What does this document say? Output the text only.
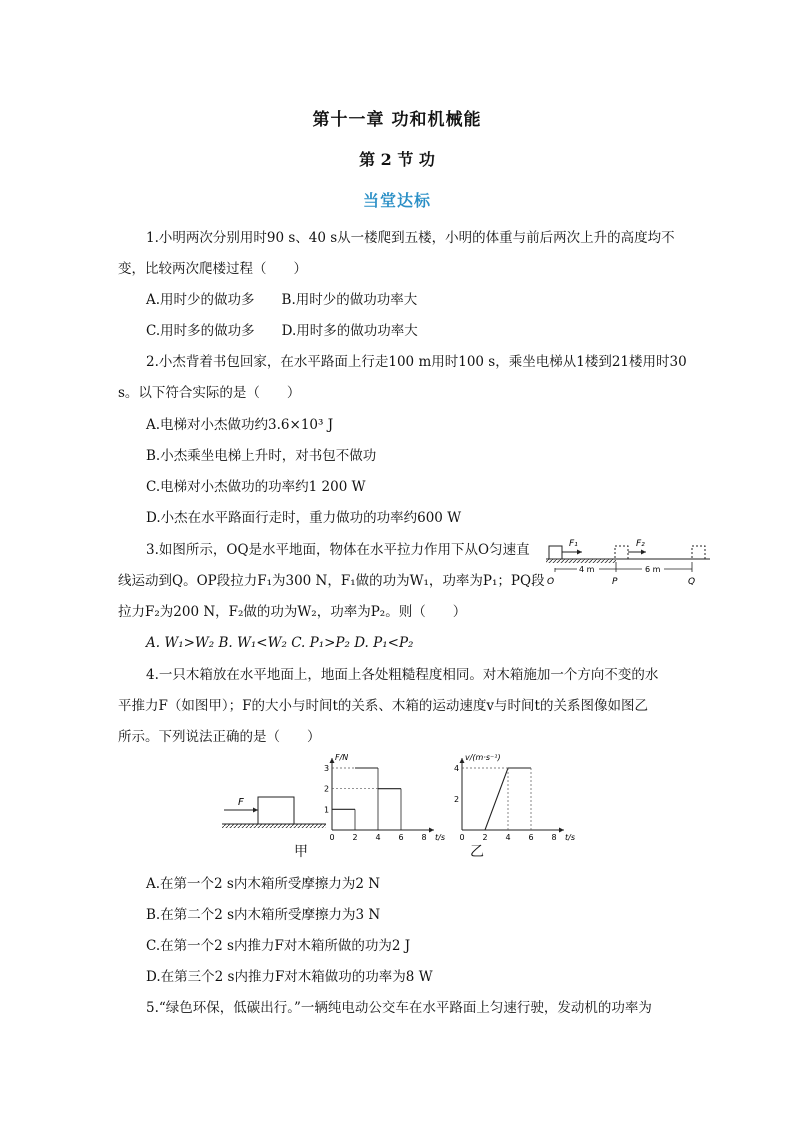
第十一章 功和机械能
第 2 节 功
当堂达标
1.小明两次分别用时90 s、40 s从一楼爬到五楼，小明的体重与前后两次上升的高度均不
变，比较两次爬楼过程（　　）
A.用时少的做功多　　B.用时少的做功功率大
C.用时多的做功多　　D.用时多的做功功率大
2.小杰背着书包回家，在水平路面上行走100 m用时100 s，乘坐电梯从1楼到21楼用时30
s。以下符合实际的是（　　）
A.电梯对小杰做功约3.6×10³ J
B.小杰乘坐电梯上升时，对书包不做功
C.电梯对小杰做功的功率约1 200 W
D.小杰在水平路面行走时，重力做功的功率约600 W
3.如图所示，OQ是水平地面，物体在水平拉力作用下从O匀速直
线运动到Q。OP段拉力F₁为300 N，F₁做的功为W₁，功率为P₁；PQ段
拉力F₂为200 N，F₂做的功为W₂，功率为P₂。则（　　）
A. W₁>W₂ B. W₁<W₂ C. P₁>P₂ D. P₁<P₂
F₁	F₂
4 m	6 m
O	P	Q
4.一只木箱放在水平地面上，地面上各处粗糙程度相同。对木箱施加一个方向不变的水
平推力F（如图甲）；F的大小与时间t的关系、木箱的运动速度v与时间t的关系图像如图乙
所示。下列说法正确的是（　　）
F
F/N
t/s
0 2 4 6 8
1
2
3
v/(m·s⁻¹)
t/s
0 2 4 6 8
2
4
甲	乙
A.在第一个2 s内木箱所受摩擦力为2 N
B.在第二个2 s内木箱所受摩擦力为3 N
C.在第一个2 s内推力F对木箱所做的功为2 J
D.在第三个2 s内推力F对木箱做功的功率为8 W
5.“绿色环保，低碳出行。”一辆纯电动公交车在水平路面上匀速行驶，发动机的功率为
